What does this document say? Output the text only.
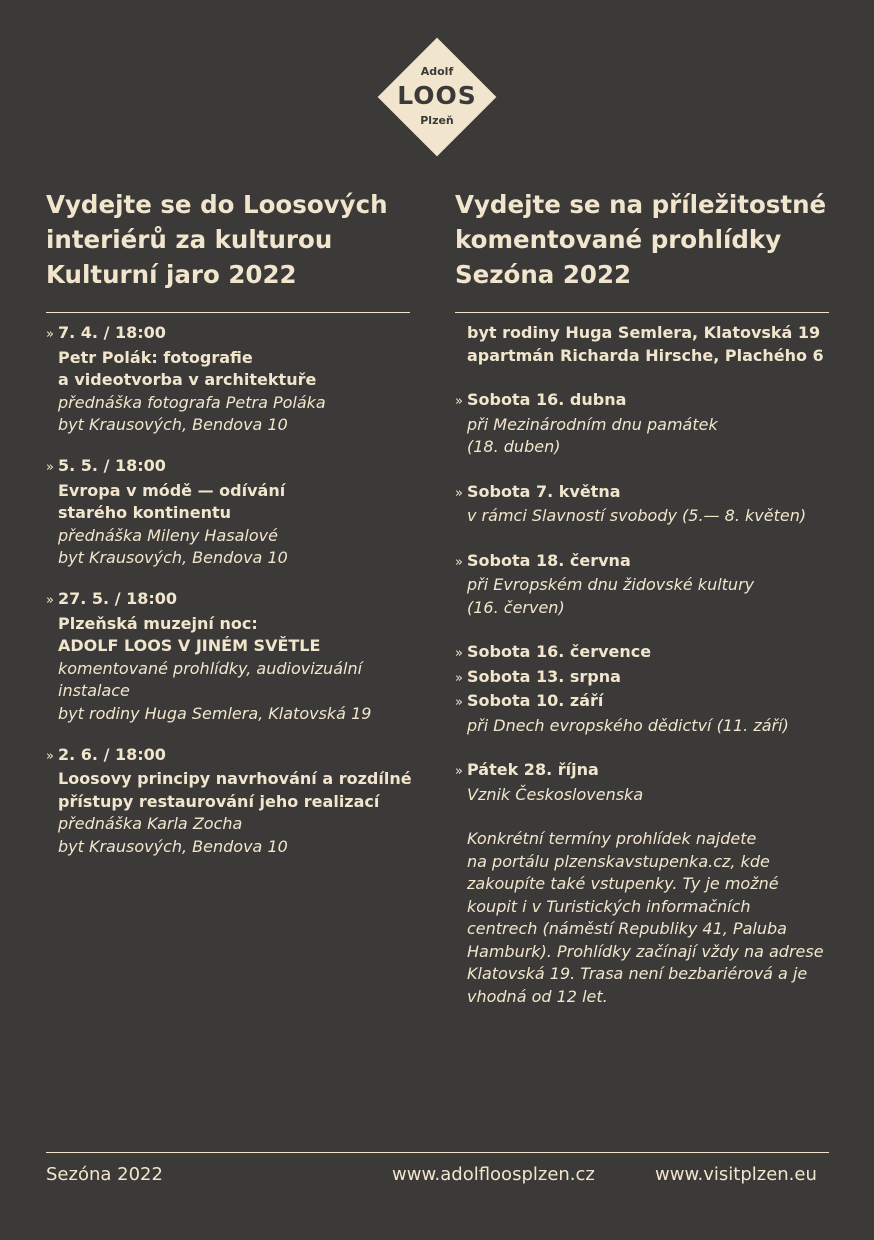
Adolf
LOOS
Plzeň
Vydejte se do Loosových
interiérů za kulturou
Kulturní jaro 2022
Vydejte se na příležitostné
komentované prohlídky
Sezóna 2022
» 7. 4. / 18:00
Petr Polák: fotografie
a videotvorba v architektuře
přednáška fotografa Petra Poláka
byt Krausových, Bendova 10
» 5. 5. / 18:00
Evropa v módě — odívání
starého kontinentu
přednáška Mileny Hasalové
byt Krausových, Bendova 10
» 27. 5. / 18:00
Plzeňská muzejní noc:
ADOLF LOOS V JINÉM SVĚTLE
komentované prohlídky, audiovizuální
instalace
byt rodiny Huga Semlera, Klatovská 19
» 2. 6. / 18:00
Loosovy principy navrhování a rozdílné
přístupy restaurování jeho realizací
přednáška Karla Zocha
byt Krausových, Bendova 10
byt rodiny Huga Semlera, Klatovská 19
apartmán Richarda Hirsche, Plachého 6
» Sobota 16. dubna
při Mezinárodním dnu památek
(18. duben)
» Sobota 7. května
v rámci Slavností svobody (5.— 8. květen)
» Sobota 18. června
při Evropském dnu židovské kultury
(16. červen)
» Sobota 16. července
» Sobota 13. srpna
» Sobota 10. září
při Dnech evropského dědictví (11. září)
» Pátek 28. října
Vznik Československa
Konkrétní termíny prohlídek najdete
na portálu plzenskavstupenka.cz, kde
zakoupíte také vstupenky. Ty je možné
koupit i v Turistických informačních
centrech (náměstí Republiky 41, Paluba
Hamburk). Prohlídky začínají vždy na adrese
Klatovská 19. Trasa není bezbariérová a je
vhodná od 12 let.
Sezóna 2022	www.adolfloosplzen.cz	www.visitplzen.eu
